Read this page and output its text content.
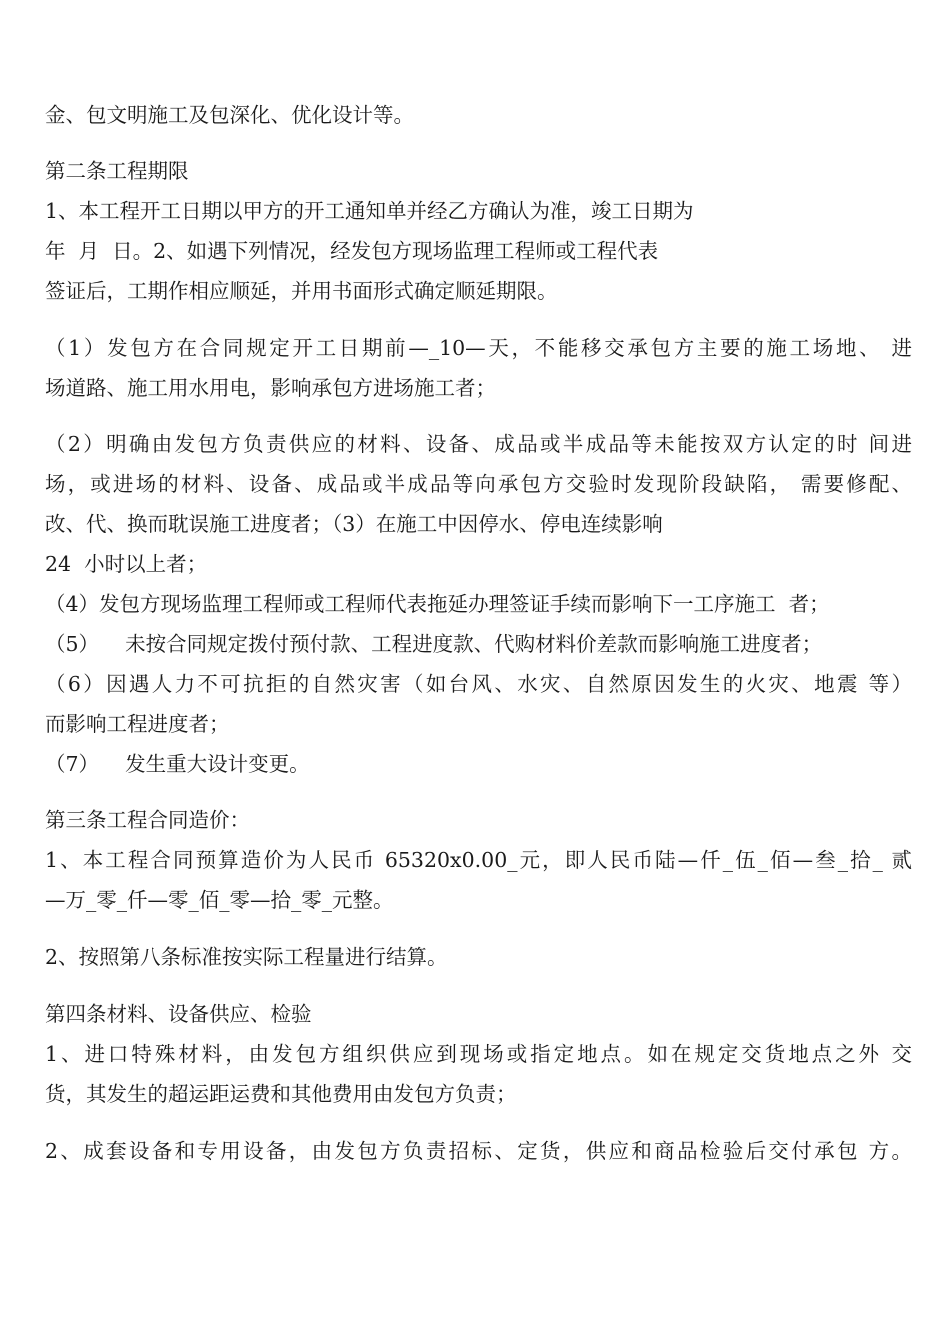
金、包文明施工及包深化、优化设计等。

第二条工程期限

1、本工程开工日期以甲方的开工通知单并经乙方确认为准，竣工日期为

年  月  日。2、如遇下列情况，经发包方现场监理工程师或工程代表

签证后，工期作相应顺延，并用书面形式确定顺延期限。

（1）发包方在合同规定开工日期前—_10—天，不能移交承包方主要的施工场地、 进

场道路、施工用水用电，影响承包方进场施工者；

（2）明确由发包方负责供应的材料、设备、成品或半成品等未能按双方认定的时 间进

场，或进场的材料、设备、成品或半成品等向承包方交验时发现阶段缺陷， 需要修配、

改、代、换而耽误施工进度者；（3）在施工中因停水、停电连续影响

24  小时以上者；

（4）发包方现场监理工程师或工程师代表拖延办理签证手续而影响下一工序施工  者；

（5）    未按合同规定拨付预付款、工程进度款、代购材料价差款而影响施工进度者；

（6）因遇人力不可抗拒的自然灾害（如台风、水灾、自然原因发生的火灾、地震 等）

而影响工程进度者；

（7）    发生重大设计变更。

第三条工程合同造价：

1、本工程合同预算造价为人民币 65320x0.00_元，即人民币陆—仟_伍_佰—叁_拾_ 贰

—万_零_仟—零_佰_零—拾_零_元整。

2、按照第八条标准按实际工程量进行结算。

第四条材料、设备供应、检验

1、进口特殊材料，由发包方组织供应到现场或指定地点。如在规定交货地点之外 交

货，其发生的超运距运费和其他费用由发包方负责；

2、成套设备和专用设备，由发包方负责招标、定货，供应和商品检验后交付承包 方。
